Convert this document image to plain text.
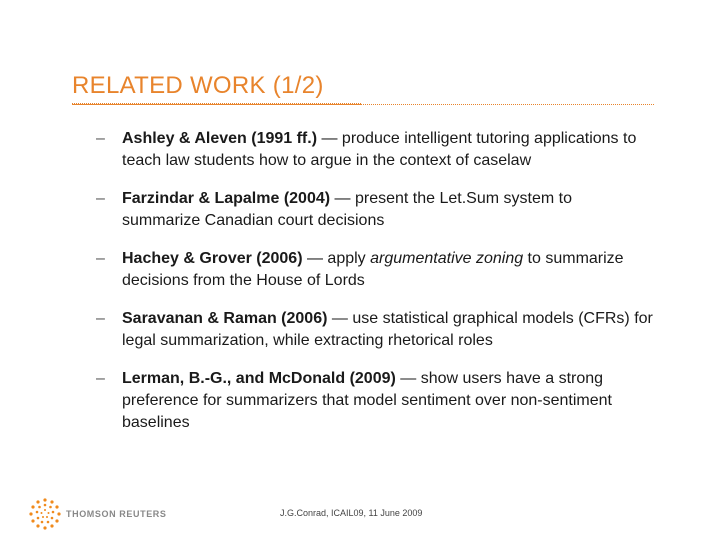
RELATED WORK (1/2)
– Ashley & Aleven (1991 ff.) — produce intelligent tutoring applications to teach law students how to argue in the context of caselaw
– Farzindar & Lapalme (2004) — present the Let.Sum system to summarize Canadian court decisions
– Hachey & Grover (2006) — apply argumentative zoning to summarize decisions from the House of Lords
– Saravanan & Raman (2006) — use statistical graphical models (CFRs) for legal summarization, while extracting rhetorical roles
– Lerman, B.-G., and McDonald (2009) — show users have a strong preference for summarizers that model sentiment over non-sentiment baselines
THOMSON REUTERS	J.G.Conrad, ICAIL09, 11 June 2009
